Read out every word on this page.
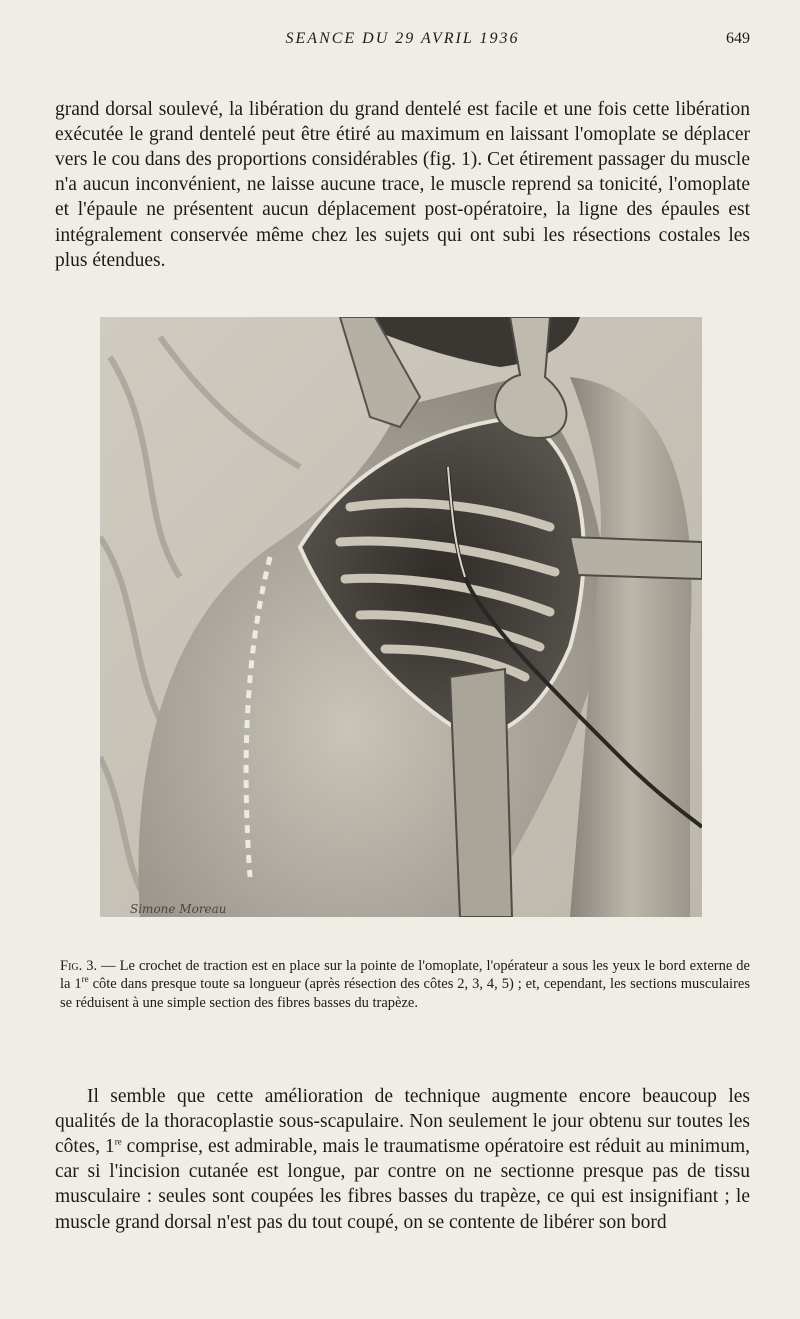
SEANCE DU 29 AVRIL 1936	649

grand dorsal soulevé, la libération du grand dentelé est facile et une fois cette libération exécutée le grand dentelé peut être étiré au maximum en laissant l'omoplate se déplacer vers le cou dans des proportions considérables (fig. 1). Cet étirement passager du muscle n'a aucun inconvénient, ne laisse aucune trace, le muscle reprend sa tonicité, l'omoplate et l'épaule ne présentent aucun déplacement post-opératoire, la ligne des épaules est intégralement conservée même chez les sujets qui ont subi les résections costales les plus étendues.

Simone Moreau

Fig. 3. — Le crochet de traction est en place sur la pointe de l'omoplate, l'opérateur a sous les yeux le bord externe de la 1re côte dans presque toute sa longueur (après résection des côtes 2, 3, 4, 5) ; et, cependant, les sections musculaires se réduisent à une simple section des fibres basses du trapèze.

Il semble que cette amélioration de technique augmente encore beaucoup les qualités de la thoracoplastie sous-scapulaire. Non seulement le jour obtenu sur toutes les côtes, 1re comprise, est admirable, mais le traumatisme opératoire est réduit au minimum, car si l'incision cutanée est longue, par contre on ne sectionne presque pas de tissu musculaire : seules sont coupées les fibres basses du trapèze, ce qui est insignifiant ; le muscle grand dorsal n'est pas du tout coupé, on se contente de libérer son bord
